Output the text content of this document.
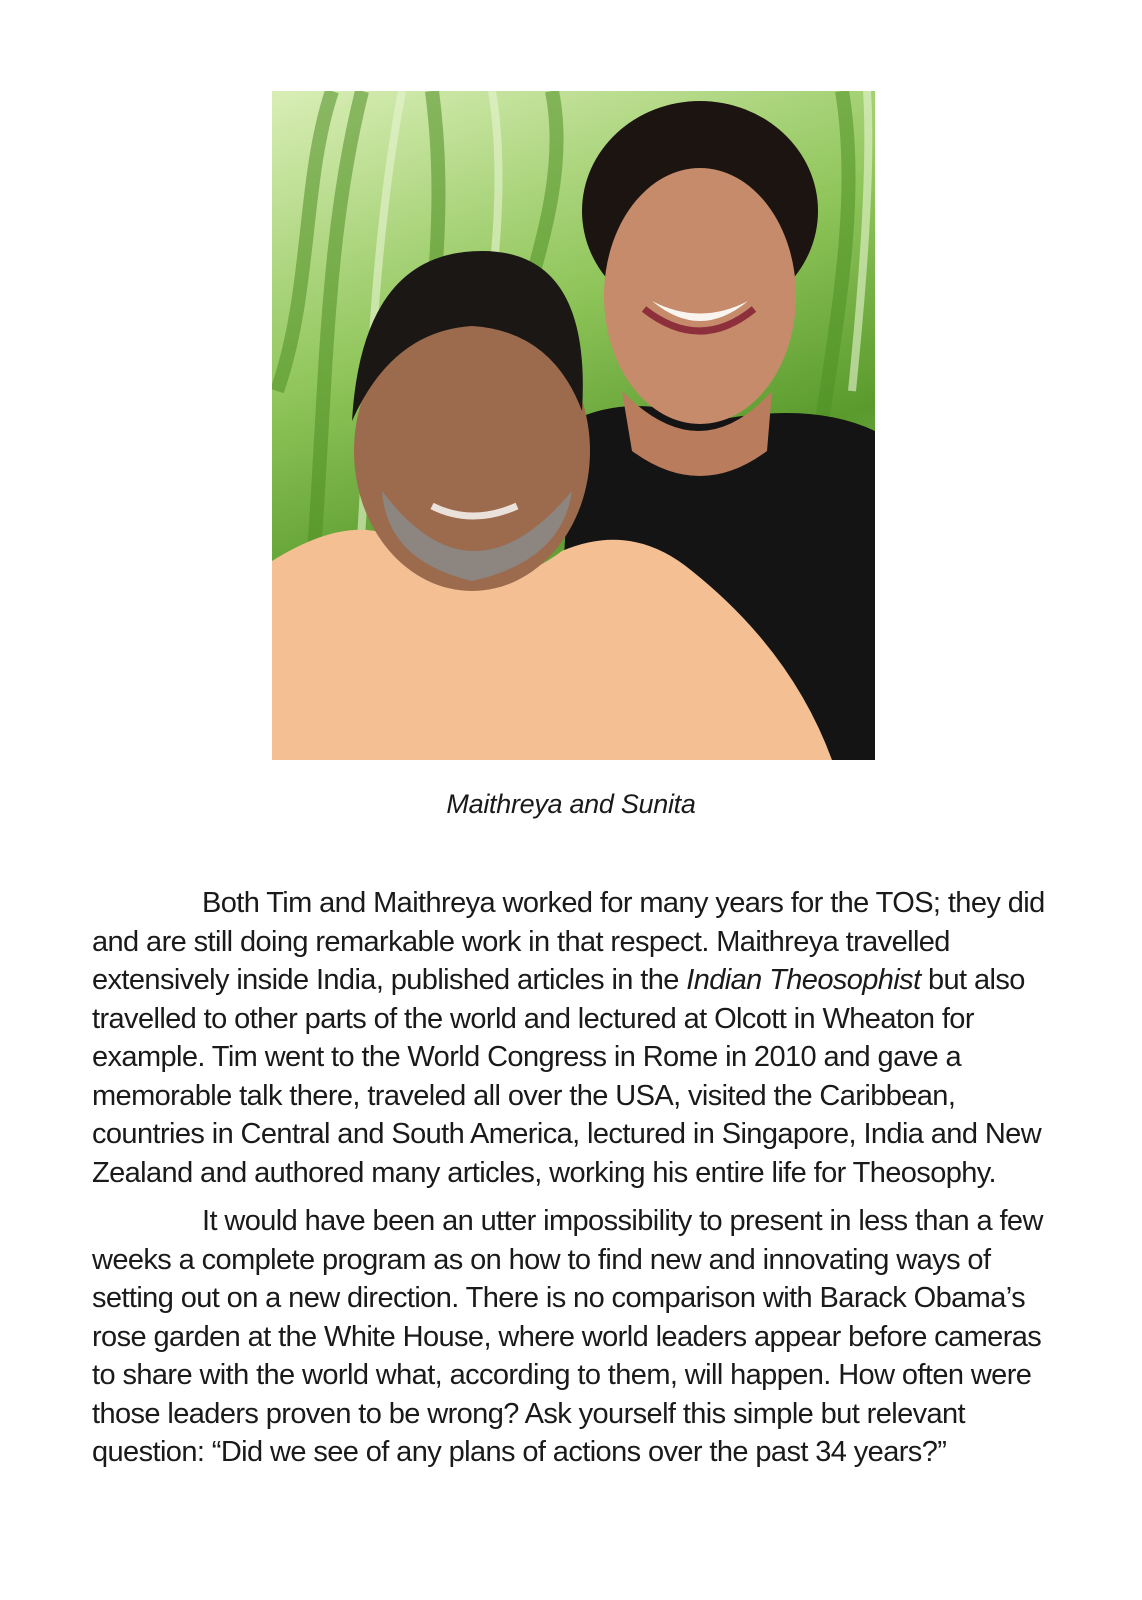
Maithreya and Sunita

Both Tim and Maithreya worked for many years for the TOS; they did and are still doing remarkable work in that respect. Maithreya travelled extensively inside India, published articles in the Indian Theosophist but also travelled to other parts of the world and lectured at Olcott in Wheaton for example. Tim went to the World Congress in Rome in 2010 and gave a memorable talk there, traveled all over the USA, visited the Caribbean, countries in Central and South America, lectured in Singapore, India and New Zealand and authored many articles, working his entire life for Theosophy.

It would have been an utter impossibility to present in less than a few weeks a complete program as on how to find new and innovating ways of setting out on a new direction. There is no comparison with Barack Obama’s rose garden at the White House, where world leaders appear before cameras to share with the world what, according to them, will happen. How often were those leaders proven to be wrong? Ask yourself this simple but relevant question: “Did we see of any plans of actions over the past 34 years?”
